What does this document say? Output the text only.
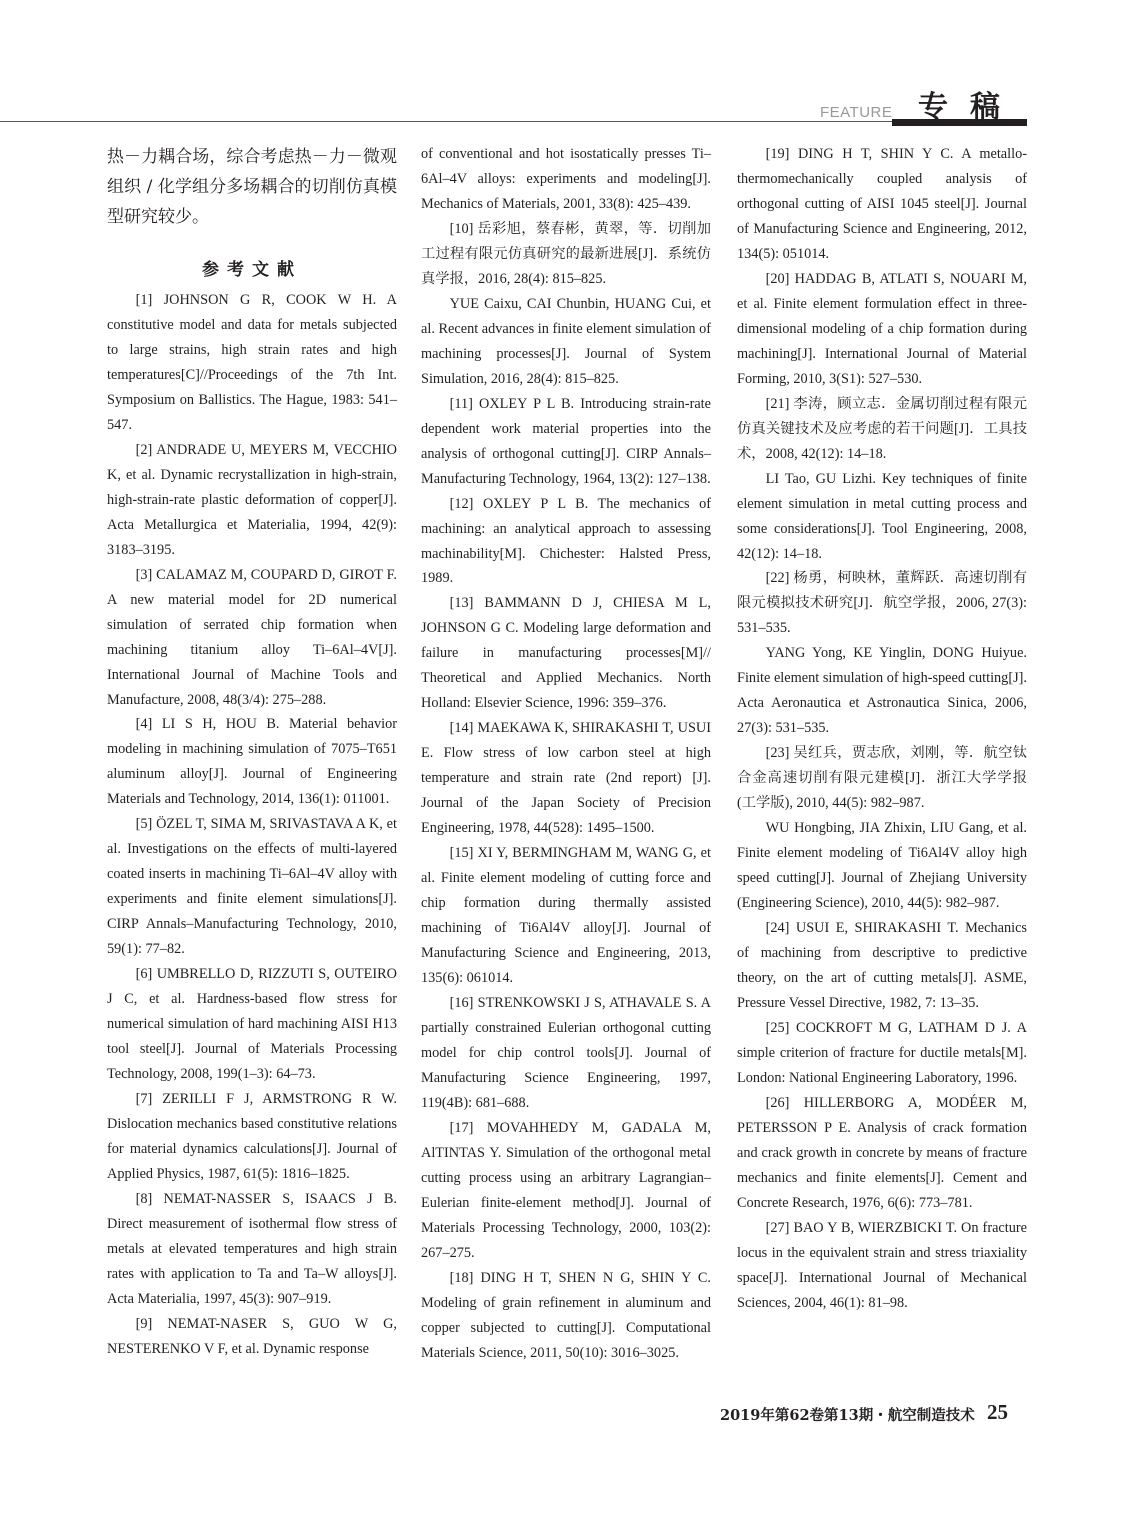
FEATURE 专稿

热－力耦合场，综合考虑热－力－微观组织 / 化学组分多场耦合的切削仿真模型研究较少。

参考文献

[1] JOHNSON G R, COOK W H. A constitutive model and data for metals subjected to large strains, high strain rates and high temperatures[C]//Proceedings of the 7th Int. Symposium on Ballistics. The Hague, 1983: 541–547.

[2] ANDRADE U, MEYERS M, VECCHIO K, et al. Dynamic recrystallization in high-strain, high-strain-rate plastic deformation of copper[J]. Acta Metallurgica et Materialia, 1994, 42(9): 3183–3195.

[3] CALAMAZ M, COUPARD D, GIROT F. A new material model for 2D numerical simulation of serrated chip formation when machining titanium alloy Ti–6Al–4V[J]. International Journal of Machine Tools and Manufacture, 2008, 48(3/4): 275–288.

[4] LI S H, HOU B. Material behavior modeling in machining simulation of 7075–T651 aluminum alloy[J]. Journal of Engineering Materials and Technology, 2014, 136(1): 011001.

[5] ÖZEL T, SIMA M, SRIVASTAVA A K, et al. Investigations on the effects of multi-layered coated inserts in machining Ti–6Al–4V alloy with experiments and finite element simulations[J]. CIRP Annals–Manufacturing Technology, 2010, 59(1): 77–82.

[6] UMBRELLO D, RIZZUTI S, OUTEIRO J C, et al. Hardness-based flow stress for numerical simulation of hard machining AISI H13 tool steel[J]. Journal of Materials Processing Technology, 2008, 199(1–3): 64–73.

[7] ZERILLI F J, ARMSTRONG R W. Dislocation mechanics based constitutive relations for material dynamics calculations[J]. Journal of Applied Physics, 1987, 61(5): 1816–1825.

[8] NEMAT-NASSER S, ISAACS J B. Direct measurement of isothermal flow stress of metals at elevated temperatures and high strain rates with application to Ta and Ta–W alloys[J]. Acta Materialia, 1997, 45(3): 907–919.

[9] NEMAT-NASER S, GUO W G, NESTERENKO V F, et al. Dynamic response

of conventional and hot isostatically presses Ti–6Al–4V alloys: experiments and modeling[J]. Mechanics of Materials, 2001, 33(8): 425–439.

[10] 岳彩旭，蔡春彬，黄翠，等．切削加工过程有限元仿真研究的最新进展[J]．系统仿真学报，2016, 28(4): 815–825.

YUE Caixu, CAI Chunbin, HUANG Cui, et al. Recent advances in finite element simulation of machining processes[J]. Journal of System Simulation, 2016, 28(4): 815–825.

[11] OXLEY P L B. Introducing strain-rate dependent work material properties into the analysis of orthogonal cutting[J]. CIRP Annals–Manufacturing Technology, 1964, 13(2): 127–138.

[12] OXLEY P L B. The mechanics of machining: an analytical approach to assessing machinability[M]. Chichester: Halsted Press, 1989.

[13] BAMMANN D J, CHIESA M L, JOHNSON G C. Modeling large deformation and failure in manufacturing processes[M]// Theoretical and Applied Mechanics. North Holland: Elsevier Science, 1996: 359–376.

[14] MAEKAWA K, SHIRAKASHI T, USUI E. Flow stress of low carbon steel at high temperature and strain rate (2nd report) [J]. Journal of the Japan Society of Precision Engineering, 1978, 44(528): 1495–1500.

[15] XI Y, BERMINGHAM M, WANG G, et al. Finite element modeling of cutting force and chip formation during thermally assisted machining of Ti6Al4V alloy[J]. Journal of Manufacturing Science and Engineering, 2013, 135(6): 061014.

[16] STRENKOWSKI J S, ATHAVALE S. A partially constrained Eulerian orthogonal cutting model for chip control tools[J]. Journal of Manufacturing Science Engineering, 1997, 119(4B): 681–688.

[17] MOVAHHEDY M, GADALA M, AlTINTAS Y. Simulation of the orthogonal metal cutting process using an arbitrary Lagrangian–Eulerian finite-element method[J]. Journal of Materials Processing Technology, 2000, 103(2): 267–275.

[18] DING H T, SHEN N G, SHIN Y C. Modeling of grain refinement in aluminum and copper subjected to cutting[J]. Computational Materials Science, 2011, 50(10): 3016–3025.

[19] DING H T, SHIN Y C. A metallo-thermomechanically coupled analysis of orthogonal cutting of AISI 1045 steel[J]. Journal of Manufacturing Science and Engineering, 2012, 134(5): 051014.

[20] HADDAG B, ATLATI S, NOUARI M, et al. Finite element formulation effect in three-dimensional modeling of a chip formation during machining[J]. International Journal of Material Forming, 2010, 3(S1): 527–530.

[21] 李涛，顾立志．金属切削过程有限元仿真关键技术及应考虑的若干问题[J]．工具技术，2008, 42(12): 14–18.

LI Tao, GU Lizhi. Key techniques of finite element simulation in metal cutting process and some considerations[J]. Tool Engineering, 2008, 42(12): 14–18.

[22] 杨勇，柯映林，董辉跃．高速切削有限元模拟技术研究[J]．航空学报，2006, 27(3): 531–535.

YANG Yong, KE Yinglin, DONG Huiyue. Finite element simulation of high-speed cutting[J]. Acta Aeronautica et Astronautica Sinica, 2006, 27(3): 531–535.

[23] 吴红兵，贾志欣，刘刚，等．航空钛合金高速切削有限元建模[J]．浙江大学学报 (工学版), 2010, 44(5): 982–987.

WU Hongbing, JIA Zhixin, LIU Gang, et al. Finite element modeling of Ti6Al4V alloy high speed cutting[J]. Journal of Zhejiang University (Engineering Science), 2010, 44(5): 982–987.

[24] USUI E, SHIRAKASHI T. Mechanics of machining from descriptive to predictive theory, on the art of cutting metals[J]. ASME, Pressure Vessel Directive, 1982, 7: 13–35.

[25] COCKROFT M G, LATHAM D J. A simple criterion of fracture for ductile metals[M]. London: National Engineering Laboratory, 1996.

[26] HILLERBORG A, MODÉER M, PETERSSON P E. Analysis of crack formation and crack growth in concrete by means of fracture mechanics and finite elements[J]. Cement and Concrete Research, 1976, 6(6): 773–781.

[27] BAO Y B, WIERZBICKI T. On fracture locus in the equivalent strain and stress triaxiality space[J]. International Journal of Mechanical Sciences, 2004, 46(1): 81–98.

2019年第62卷第13期・航空制造技术 25
